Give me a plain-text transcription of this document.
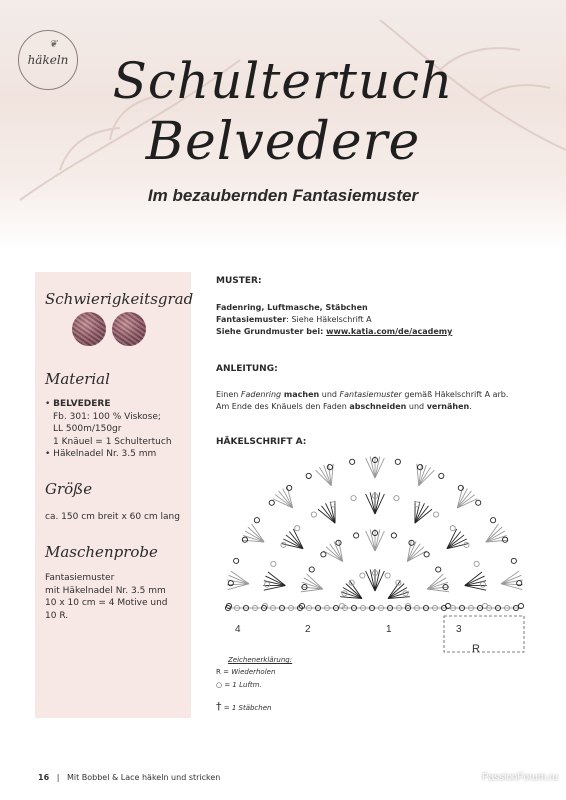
❦
häkeln Schultertuch
Belvedere
Im bezaubernden Fantasiemuster
Schwierigkeitsgrad
Material
• BELVEDERE
Fb. 301: 100 % Viskose;
LL 500m/150gr
1 Knäuel = 1 Schultertuch
• Häkelnadel Nr. 3.5 mm
Größe
ca. 150 cm breit x 60 cm lang
Maschenprobe
Fantasiemuster
mit Häkelnadel Nr. 3.5 mm
10 x 10 cm = 4 Motive und
10 R.
MUSTER:
Fadenring, Luftmasche, Stäbchen
Fantasiemuster: Siehe Häkelschrift A
Siehe Grundmuster bei: www.katia.com/de/academy
ANLEITUNG:
Einen Fadenring machen und Fantasiemuster gemäß Häkelschrift A arb.
Am Ende des Knäuels den Faden abschneiden und vernähen.
HÄKELSCHRIFT A:
4	2	1	3
R
Zeichenerklärung:
R = Wiederholen
○ = 1 Luftm.
† = 1 Stäbchen
16 | Mit Bobbel & Lace häkeln und stricken	PassionForum.ru
